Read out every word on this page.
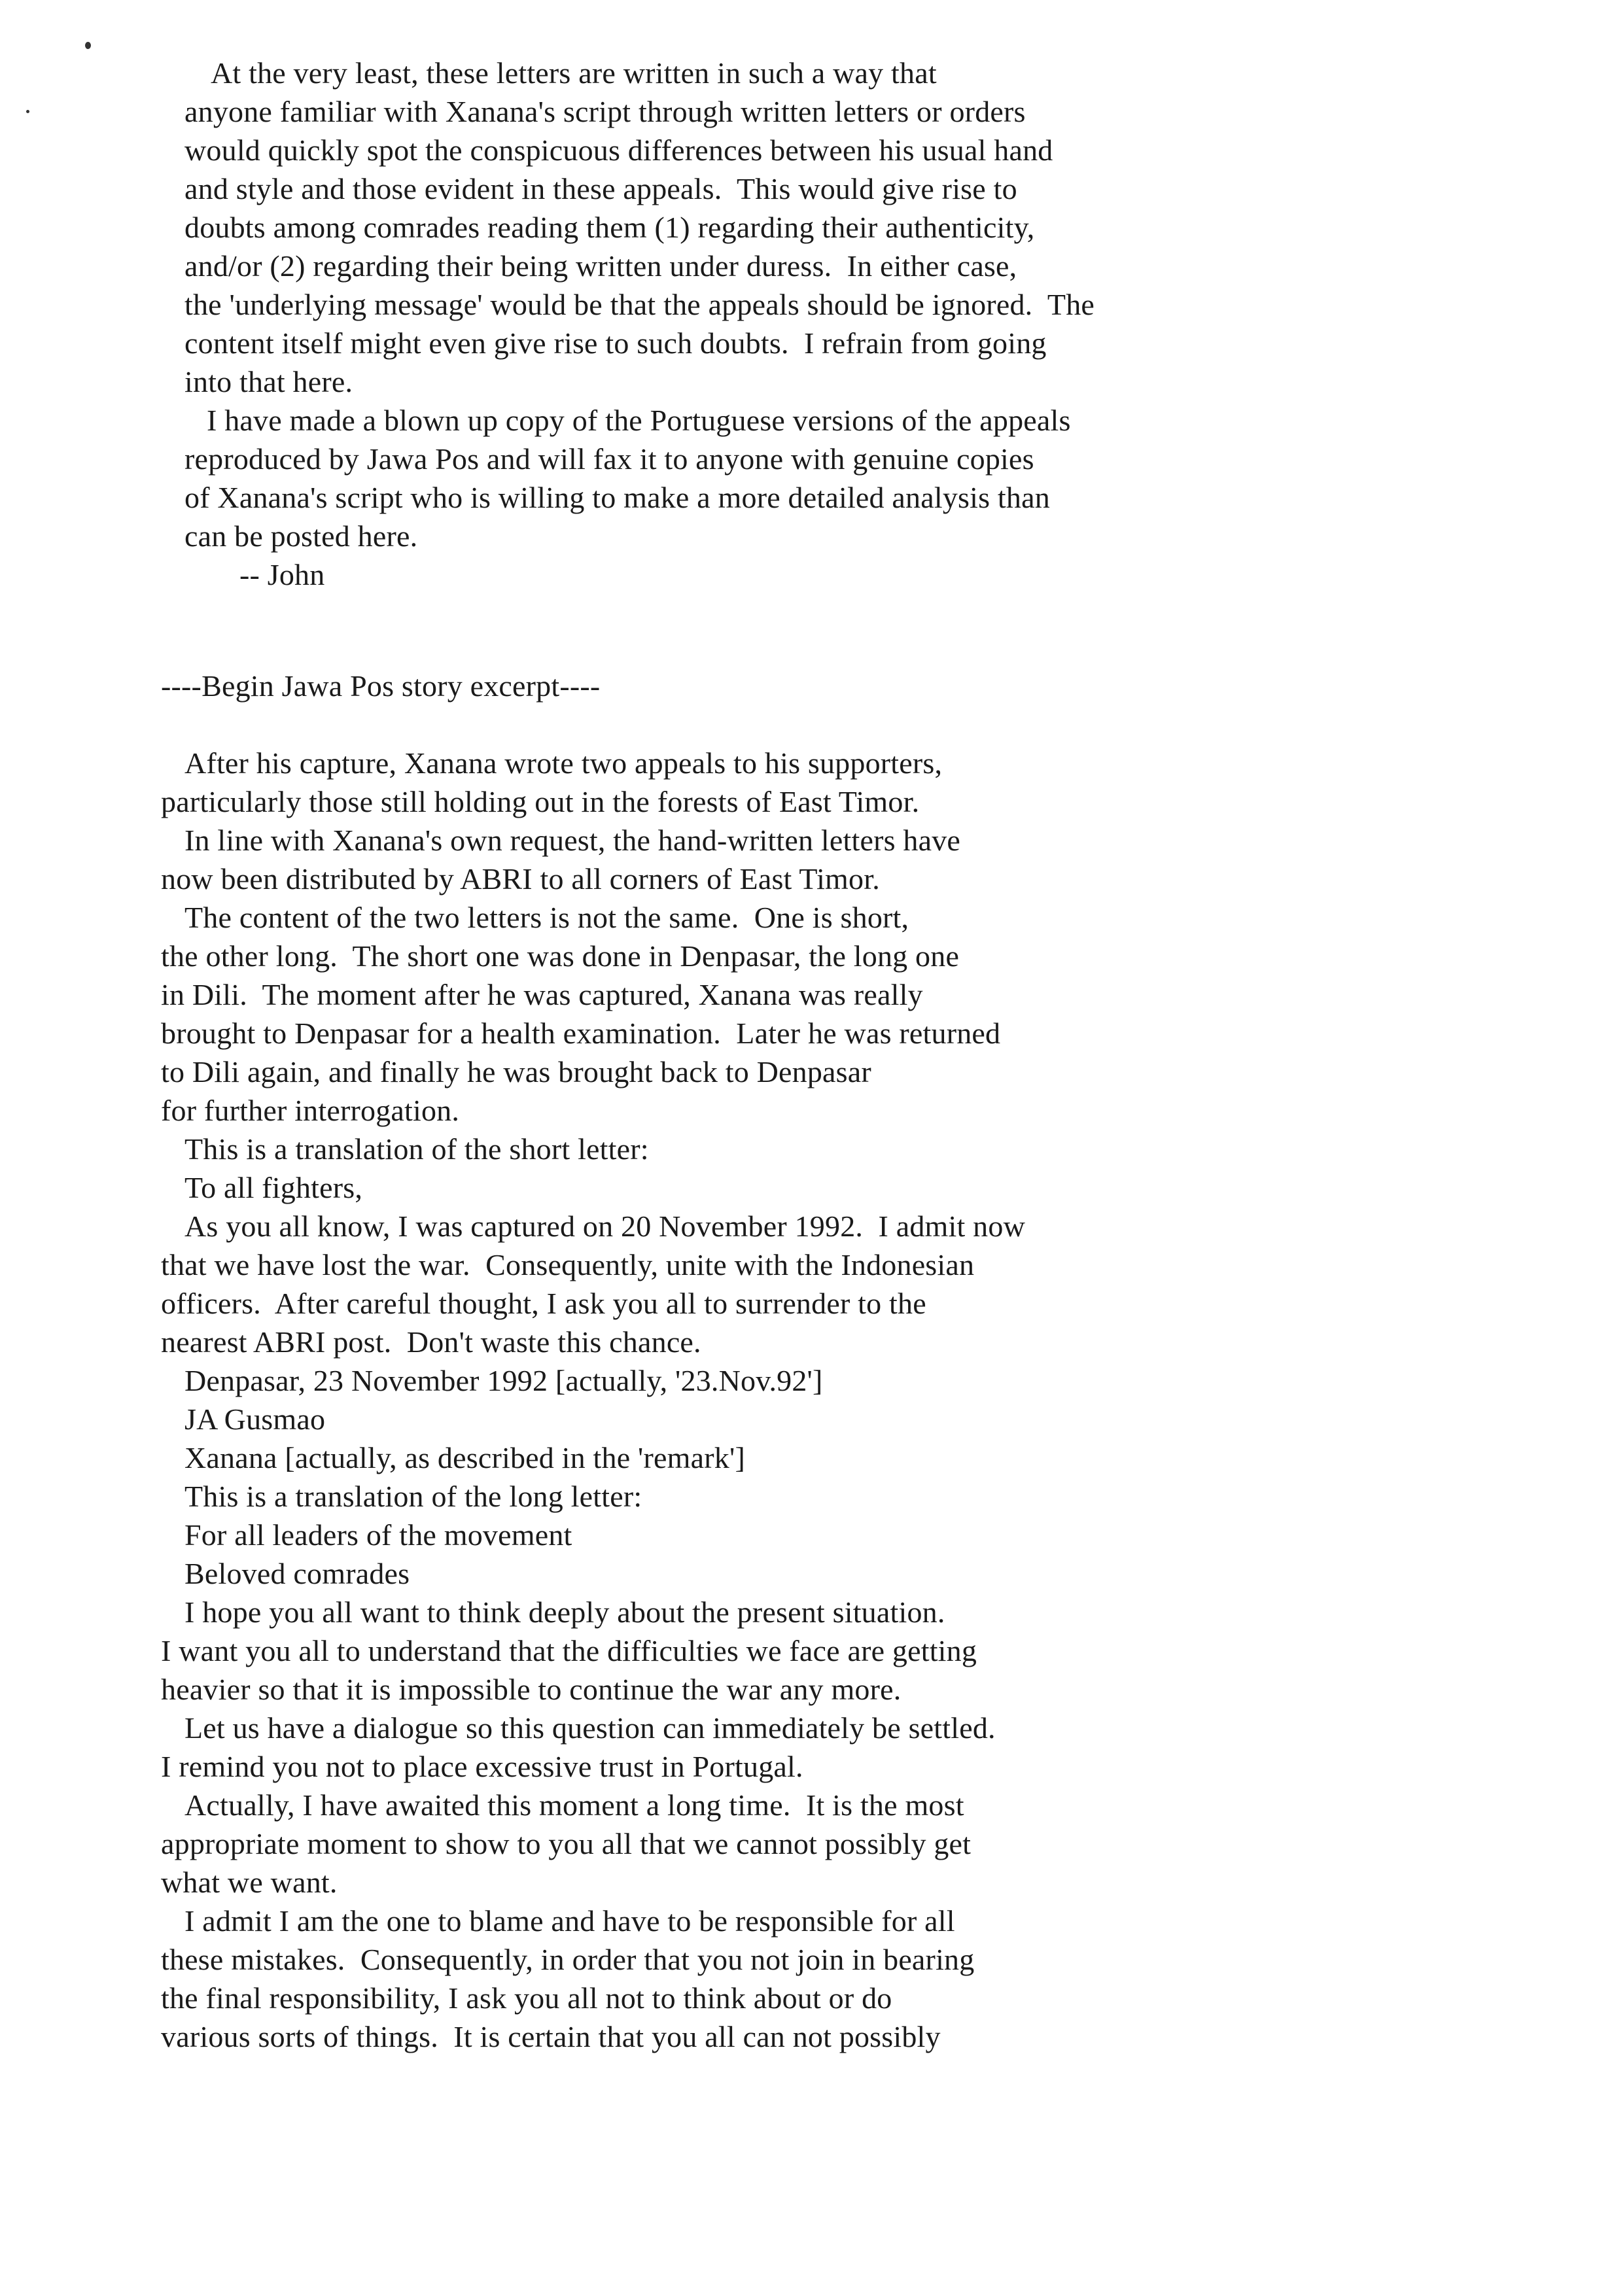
At the very least, these letters are written in such a way that
anyone familiar with Xanana's script through written letters or orders
would quickly spot the conspicuous differences between his usual hand
and style and those evident in these appeals.  This would give rise to
doubts among comrades reading them (1) regarding their authenticity,
and/or (2) regarding their being written under duress.  In either case,
the 'underlying message' would be that the appeals should be ignored.  The
content itself might even give rise to such doubts.  I refrain from going
into that here.
I have made a blown up copy of the Portuguese versions of the appeals
reproduced by Jawa Pos and will fax it to anyone with genuine copies
of Xanana's script who is willing to make a more detailed analysis than
can be posted here.
-- John
----Begin Jawa Pos story excerpt----
After his capture, Xanana wrote two appeals to his supporters,
particularly those still holding out in the forests of East Timor.
In line with Xanana's own request, the hand-written letters have
now been distributed by ABRI to all corners of East Timor.
The content of the two letters is not the same.  One is short,
the other long.  The short one was done in Denpasar, the long one
in Dili.  The moment after he was captured, Xanana was really
brought to Denpasar for a health examination.  Later he was returned
to Dili again, and finally he was brought back to Denpasar
for further interrogation.
This is a translation of the short letter:
To all fighters,
As you all know, I was captured on 20 November 1992.  I admit now
that we have lost the war.  Consequently, unite with the Indonesian
officers.  After careful thought, I ask you all to surrender to the
nearest ABRI post.  Don't waste this chance.
Denpasar, 23 November 1992 [actually, '23.Nov.92']
JA Gusmao
Xanana [actually, as described in the 'remark']
This is a translation of the long letter:
For all leaders of the movement
Beloved comrades
I hope you all want to think deeply about the present situation.
I want you all to understand that the difficulties we face are getting
heavier so that it is impossible to continue the war any more.
Let us have a dialogue so this question can immediately be settled.
I remind you not to place excessive trust in Portugal.
Actually, I have awaited this moment a long time.  It is the most
appropriate moment to show to you all that we cannot possibly get
what we want.
I admit I am the one to blame and have to be responsible for all
these mistakes.  Consequently, in order that you not join in bearing
the final responsibility, I ask you all not to think about or do
various sorts of things.  It is certain that you all can not possibly
